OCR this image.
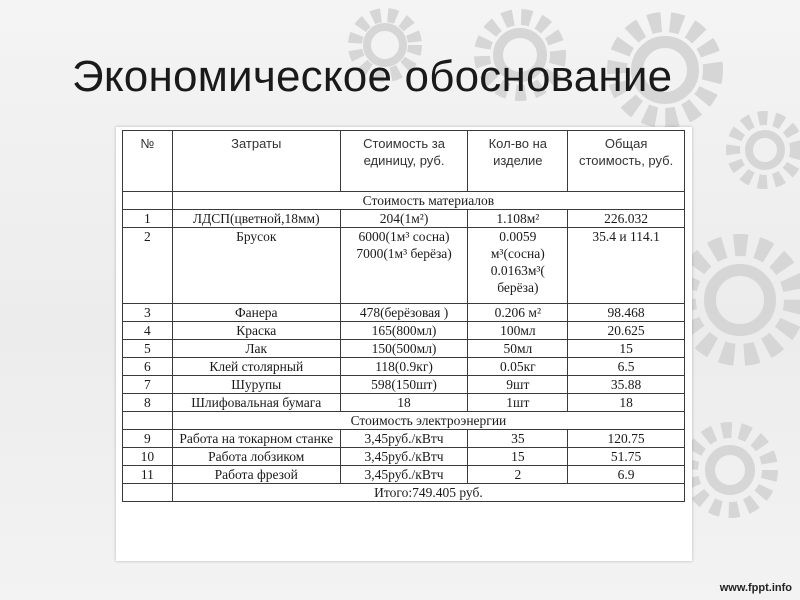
Экономическое обоснование
№	Затраты	Стоимость за единицу, руб.	Кол-во на изделие	Общая стоимость, руб.
	Стоимость материалов			
1	ЛДСП(цветной,18мм)	204(1м²)	1.108м²	226.032
2	Брусок	6000(1м³ сосна) 7000(1м³ берёза)	0.0059 м³(сосна) 0.0163м³( берёза)	35.4 и 114.1
3	Фанера	478(берёзовая )	0.206 м²	98.468
4	Краска	165(800мл)	100мл	20.625
5	Лак	150(500мл)	50мл	15
6	Клей столярный	118(0.9кг)	0.05кг	6.5
7	Шурупы	598(150шт)	9шт	35.88
8	Шлифовальная бумага	18	1шт	18
	Стоимость электроэнергии			
9	Работа на токарном станке	3,45руб./кВтч	35	120.75
10	Работа лобзиком	3,45руб./кВтч	15	51.75
11	Работа фрезой	3,45руб./кВтч	2	6.9
	Итого:749.405 руб.			
www.fppt.info
